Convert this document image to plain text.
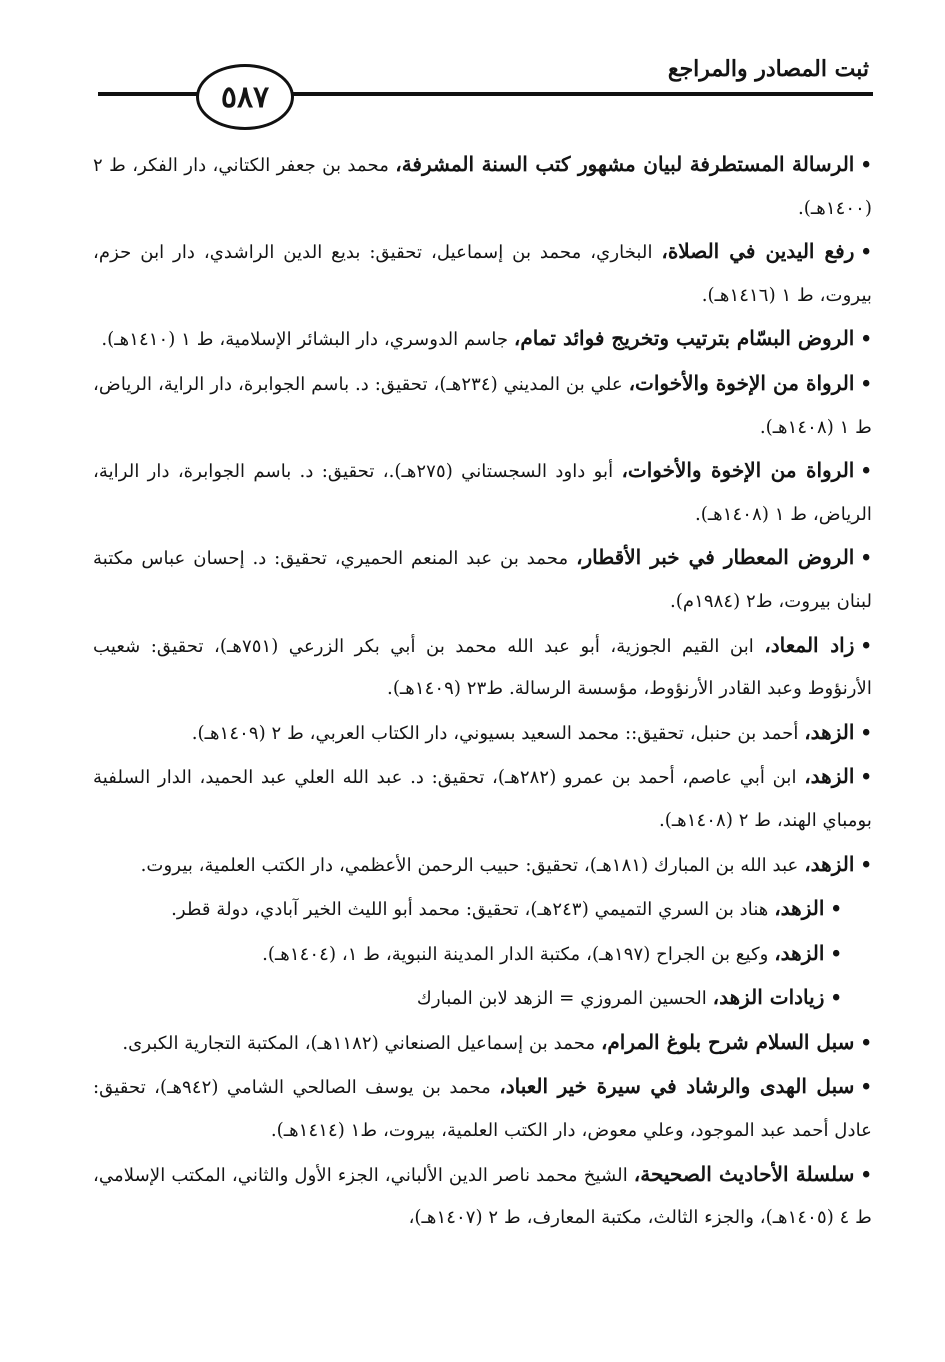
ثبت المصادر والمراجع
٥٨٧

•الرسالة المستطرفة لبيان مشهور كتب السنة المشرفة، محمد بن جعفر الكتاني، دار الفكر، ط ٢ (١٤٠٠هـ).

•رفع اليدين في الصلاة، البخاري، محمد بن إسماعيل، تحقيق: بديع الدين الراشدي، دار ابن حزم، بيروت، ط ١ (١٤١٦هـ).

•الروض البسّام بترتيب وتخريج فوائد تمام، جاسم الدوسري، دار البشائر الإسلامية، ط ١ (١٤١٠هـ).

•الرواة من الإخوة والأخوات، علي بن المديني (٢٣٤هـ)، تحقيق: د. باسم الجوابرة، دار الراية، الرياض، ط ١ (١٤٠٨هـ).

•الرواة من الإخوة والأخوات، أبو داود السجستاني (٢٧٥هـ).، تحقيق: د. باسم الجوابرة، دار الراية، الرياض، ط ١ (١٤٠٨هـ).

•الروض المعطار في خبر الأقطار، محمد بن عبد المنعم الحميري، تحقيق: د. إحسان عباس مكتبة لبنان بيروت، ط٢ (١٩٨٤م).

•زاد المعاد، ابن القيم الجوزية، أبو عبد الله محمد بن أبي بكر الزرعي (٧٥١هـ)، تحقيق: شعيب الأرنؤوط وعبد القادر الأرنؤوط، مؤسسة الرسالة. ط٢٣ (١٤٠٩هـ).

•الزهد، أحمد بن حنبل، تحقيق:: محمد السعيد بسيوني، دار الكتاب العربي، ط ٢ (١٤٠٩هـ).

•الزهد، ابن أبي عاصم، أحمد بن عمرو (٢٨٢هـ)، تحقيق: د. عبد الله العلي عبد الحميد، الدار السلفية بومباي الهند، ط ٢ (١٤٠٨هـ).

•الزهد، عبد الله بن المبارك (١٨١هـ)، تحقيق: حبيب الرحمن الأعظمي، دار الكتب العلمية، بيروت.

•الزهد، هناد بن السري التميمي (٢٤٣هـ)، تحقيق: محمد أبو الليث الخير آبادي، دولة قطر.

•الزهد، وكيع بن الجراح (١٩٧هـ)، مكتبة الدار المدينة النبوية، ط ١، (١٤٠٤هـ).

•زيادات الزهد، الحسين المروزي = الزهد لابن المبارك

•سبل السلام شرح بلوغ المرام، محمد بن إسماعيل الصنعاني (١١٨٢هـ)، المكتبة التجارية الكبرى.

•سبل الهدى والرشاد في سيرة خير العباد، محمد بن يوسف الصالحي الشامي (٩٤٢هـ)، تحقيق: عادل أحمد عبد الموجود، وعلي معوض، دار الكتب العلمية، بيروت، ط١ (١٤١٤هـ).

•سلسلة الأحاديث الصحيحة، الشيخ محمد ناصر الدين الألباني، الجزء الأول والثاني، المكتب الإسلامي، ط ٤ (١٤٠٥هـ)، والجزء الثالث، مكتبة المعارف، ط ٢ (١٤٠٧هـ)،
